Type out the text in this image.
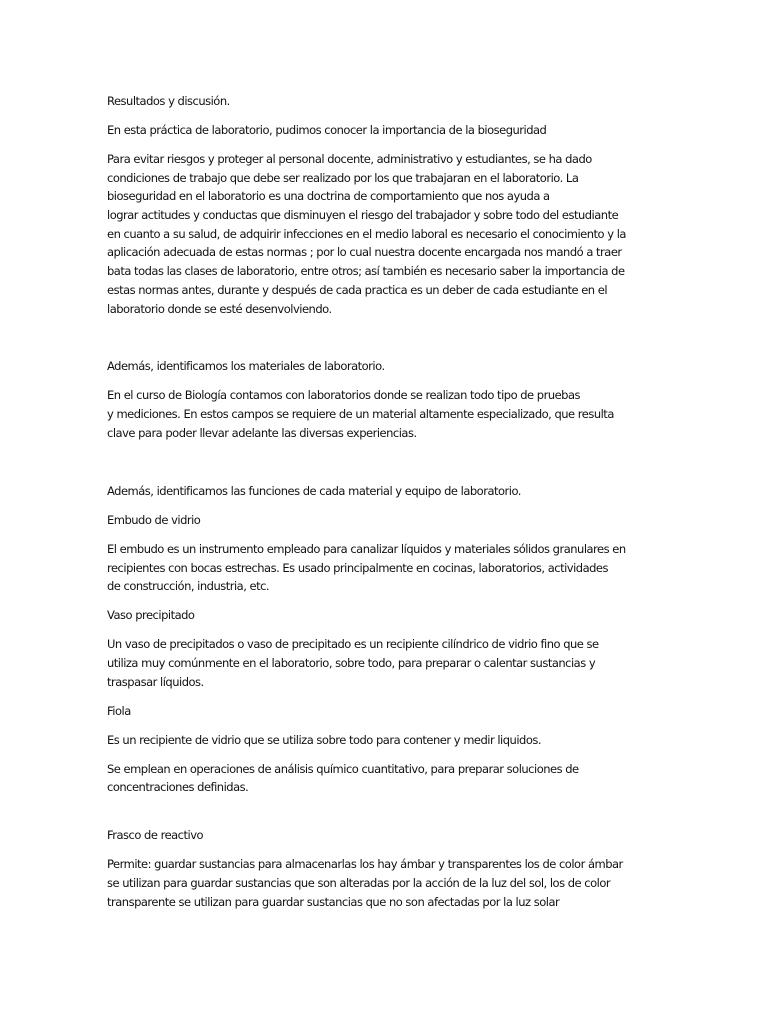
Resultados y discusión.

En esta práctica de laboratorio, pudimos conocer la importancia de la bioseguridad

Para evitar riesgos y proteger al personal docente, administrativo y estudiantes, se ha dado

condiciones de trabajo que debe ser realizado por los que trabajaran en el laboratorio. La

bioseguridad en el laboratorio es una doctrina de comportamiento que nos ayuda a

lograr actitudes y conductas que disminuyen el riesgo del trabajador y sobre todo del estudiante

en cuanto a su salud, de adquirir infecciones en el medio laboral es necesario el conocimiento y la

aplicación adecuada de estas normas ; por lo cual nuestra docente encargada nos mandó a traer

bata todas las clases de laboratorio, entre otros; así también es necesario saber la importancia de

estas normas antes, durante y después de cada practica es un deber de cada estudiante en el

laboratorio donde se esté desenvolviendo.

Además, identificamos los materiales de laboratorio.

En el curso de Biología contamos con laboratorios donde se realizan todo tipo de pruebas

y mediciones. En estos campos se requiere de un material altamente especializado, que resulta

clave para poder llevar adelante las diversas experiencias.

Además, identificamos las funciones de cada material y equipo de laboratorio.

Embudo de vidrio

El embudo es un instrumento empleado para canalizar líquidos y materiales sólidos granulares en

recipientes con bocas estrechas. Es usado principalmente en cocinas, laboratorios, actividades

de construcción, industria, etc.

Vaso precipitado

Un vaso de precipitados o vaso de precipitado es un recipiente cilíndrico de vidrio fino que se

utiliza muy comúnmente en el laboratorio, sobre todo, para preparar o calentar sustancias y

traspasar líquidos.

Fiola

Es un recipiente de vidrio que se utiliza sobre todo para contener y medir liquidos.

Se emplean en operaciones de análisis químico cuantitativo, para preparar soluciones de

concentraciones definidas.

Frasco de reactivo

Permite: guardar sustancias para almacenarlas los hay ámbar y transparentes los de color ámbar

se utilizan para guardar sustancias que son alteradas por la acción de la luz del sol, los de color

transparente se utilizan para guardar sustancias que no son afectadas por la luz solar
